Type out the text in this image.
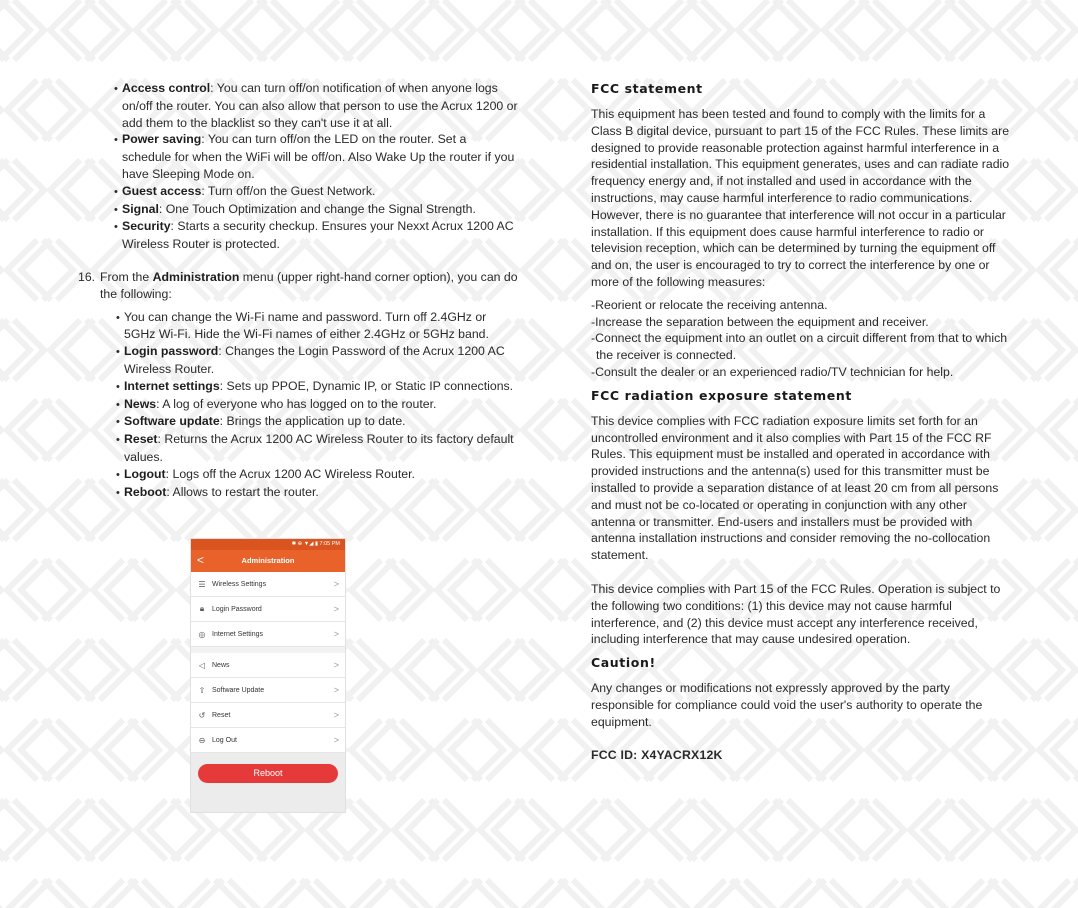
• Access control: You can turn off/on notification of when anyone logs on/off the router. You can also allow that person to use the Acrux 1200 or add them to the blacklist so they can't use it at all.
• Power saving: You can turn off/on the LED on the router. Set a schedule for when the WiFi will be off/on. Also Wake Up the router if you have Sleeping Mode on.
• Guest access: Turn off/on the Guest Network.
• Signal: One Touch Optimization and change the Signal Strength.
• Security: Starts a security checkup. Ensures your Nexxt Acrux 1200 AC Wireless Router is protected.
16. From the Administration menu (upper right-hand corner option), you can do the following:
• You can change the Wi-Fi name and password. Turn off 2.4GHz or 5GHz Wi-Fi. Hide the Wi-Fi names of either 2.4GHz or 5GHz band.
• Login password: Changes the Login Password of the Acrux 1200 AC Wireless Router.
• Internet settings: Sets up PPOE, Dynamic IP, or Static IP connections.
• News: A log of everyone who has logged on to the router.
• Software update: Brings the application up to date.
• Reset: Returns the Acrux 1200 AC Wireless Router to its factory default values.
• Logout: Logs off the Acrux 1200 AC Wireless Router.
• Reboot: Allows to restart the router.
✱ ⊕ ▼◢ ▮ 7:05 PM
<	Administration
☰ Wireless Settings	>
🔒︎	Login Password	>
◎ Internet Settings	>
◁ News	>
⇧ Software Update	>
↺ Reset	>
⊖ Log Out	>
Reboot
FCC statement

This equipment has been tested and found to comply with the limits for a Class B digital device, pursuant to part 15 of the FCC Rules. These limits are designed to provide reasonable protection against harmful interference in a residential installation. This equipment generates, uses and can radiate radio frequency energy and, if not installed and used in accordance with the instructions, may cause harmful interference to radio communications. However, there is no guarantee that interference will not occur in a particular installation. If this equipment does cause harmful interference to radio or television reception, which can be determined by turning the equipment off and on, the user is encouraged to try to correct the interference by one or more of the following measures:

-Reorient or relocate the receiving antenna.

-Increase the separation between the equipment and receiver.

-Connect the equipment into an outlet on a circuit different from that to which the receiver is connected.

-Consult the dealer or an experienced radio/TV technician for help.

FCC radiation exposure statement

This device complies with FCC radiation exposure limits set forth for an uncontrolled environment and it also complies with Part 15 of the FCC RF Rules. This equipment must be installed and operated in accordance with provided instructions and the antenna(s) used for this transmitter must be installed to provide a separation distance of at least 20 cm from all persons and must not be co-located or operating in conjunction with any other antenna or transmitter. End-users and installers must be provided with antenna installation instructions and consider removing the no-collocation statement.

This device complies with Part 15 of the FCC Rules. Operation is subject to the following two conditions: (1) this device may not cause harmful interference, and (2) this device must accept any interference received, including interference that may cause undesired operation.

Caution!

Any changes or modifications not expressly approved by the party responsible for compliance could void the user's authority to operate the equipment.

FCC ID: X4YACRX12K
